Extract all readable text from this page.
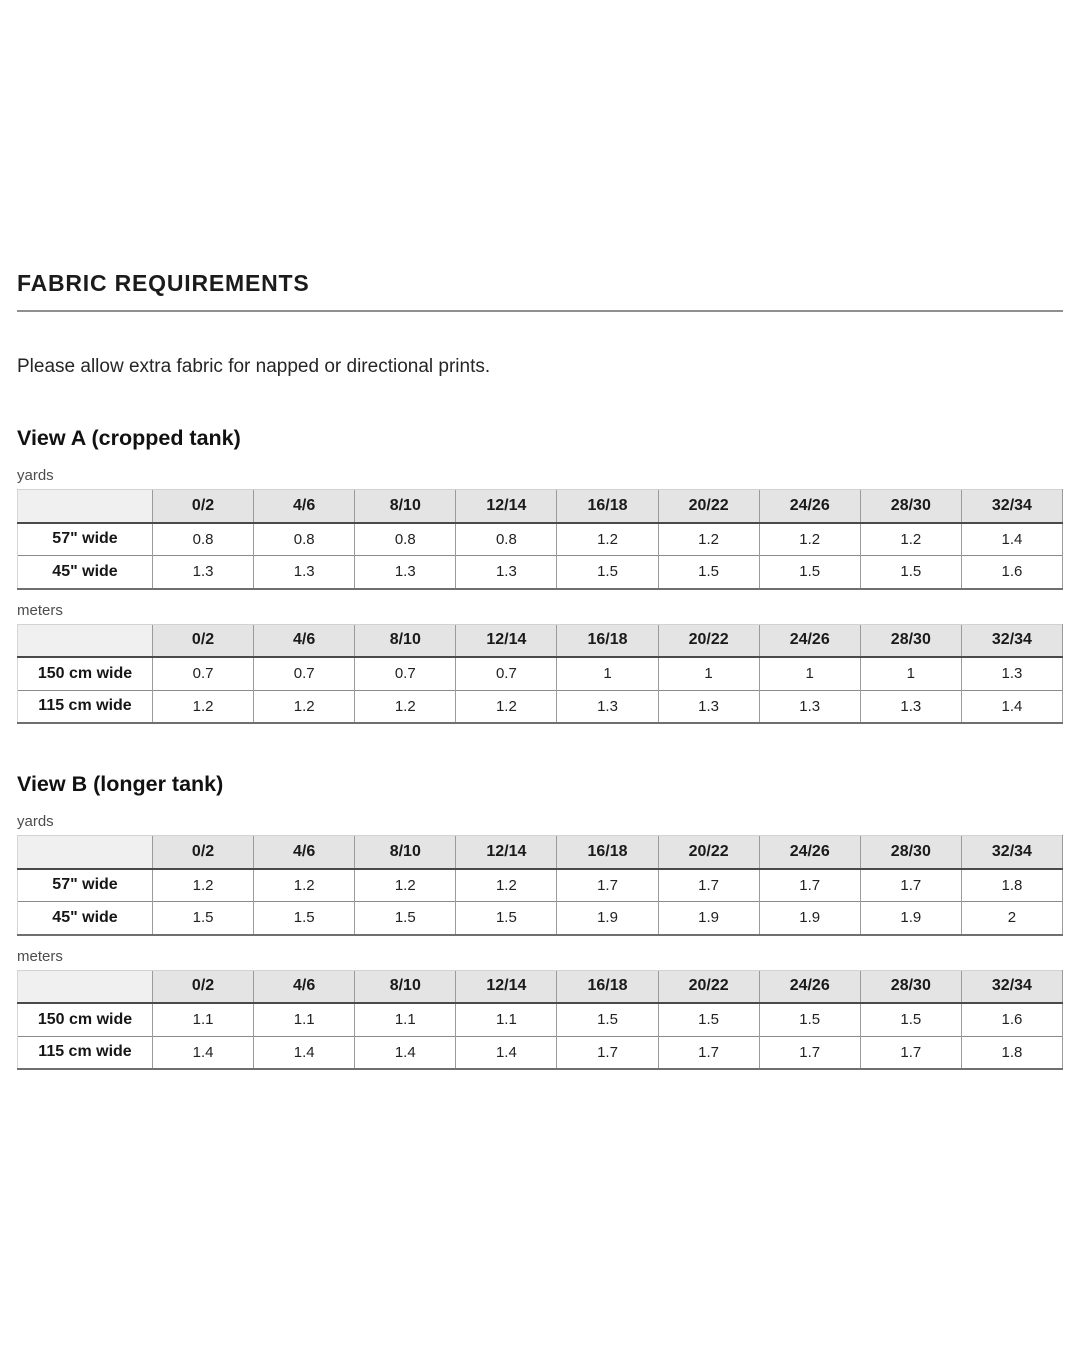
FABRIC REQUIREMENTS

Please allow extra fabric for napped or directional prints.

View A (cropped tank)
yards
	0/2	4/6	8/10	12/14	16/18	20/22	24/26	28/30	32/34
57" wide	0.8	0.8	0.8	0.8	1.2	1.2	1.2	1.2	1.4
45" wide	1.3	1.3	1.3	1.3	1.5	1.5	1.5	1.5	1.6
meters
	0/2	4/6	8/10	12/14	16/18	20/22	24/26	28/30	32/34
150 cm wide	0.7	0.7	0.7	0.7	1	1	1	1	1.3
115 cm wide	1.2	1.2	1.2	1.2	1.3	1.3	1.3	1.3	1.4
View B (longer tank)
yards
	0/2	4/6	8/10	12/14	16/18	20/22	24/26	28/30	32/34
57" wide	1.2	1.2	1.2	1.2	1.7	1.7	1.7	1.7	1.8
45" wide	1.5	1.5	1.5	1.5	1.9	1.9	1.9	1.9	2
meters
	0/2	4/6	8/10	12/14	16/18	20/22	24/26	28/30	32/34
150 cm wide	1.1	1.1	1.1	1.1	1.5	1.5	1.5	1.5	1.6
115 cm wide	1.4	1.4	1.4	1.4	1.7	1.7	1.7	1.7	1.8
